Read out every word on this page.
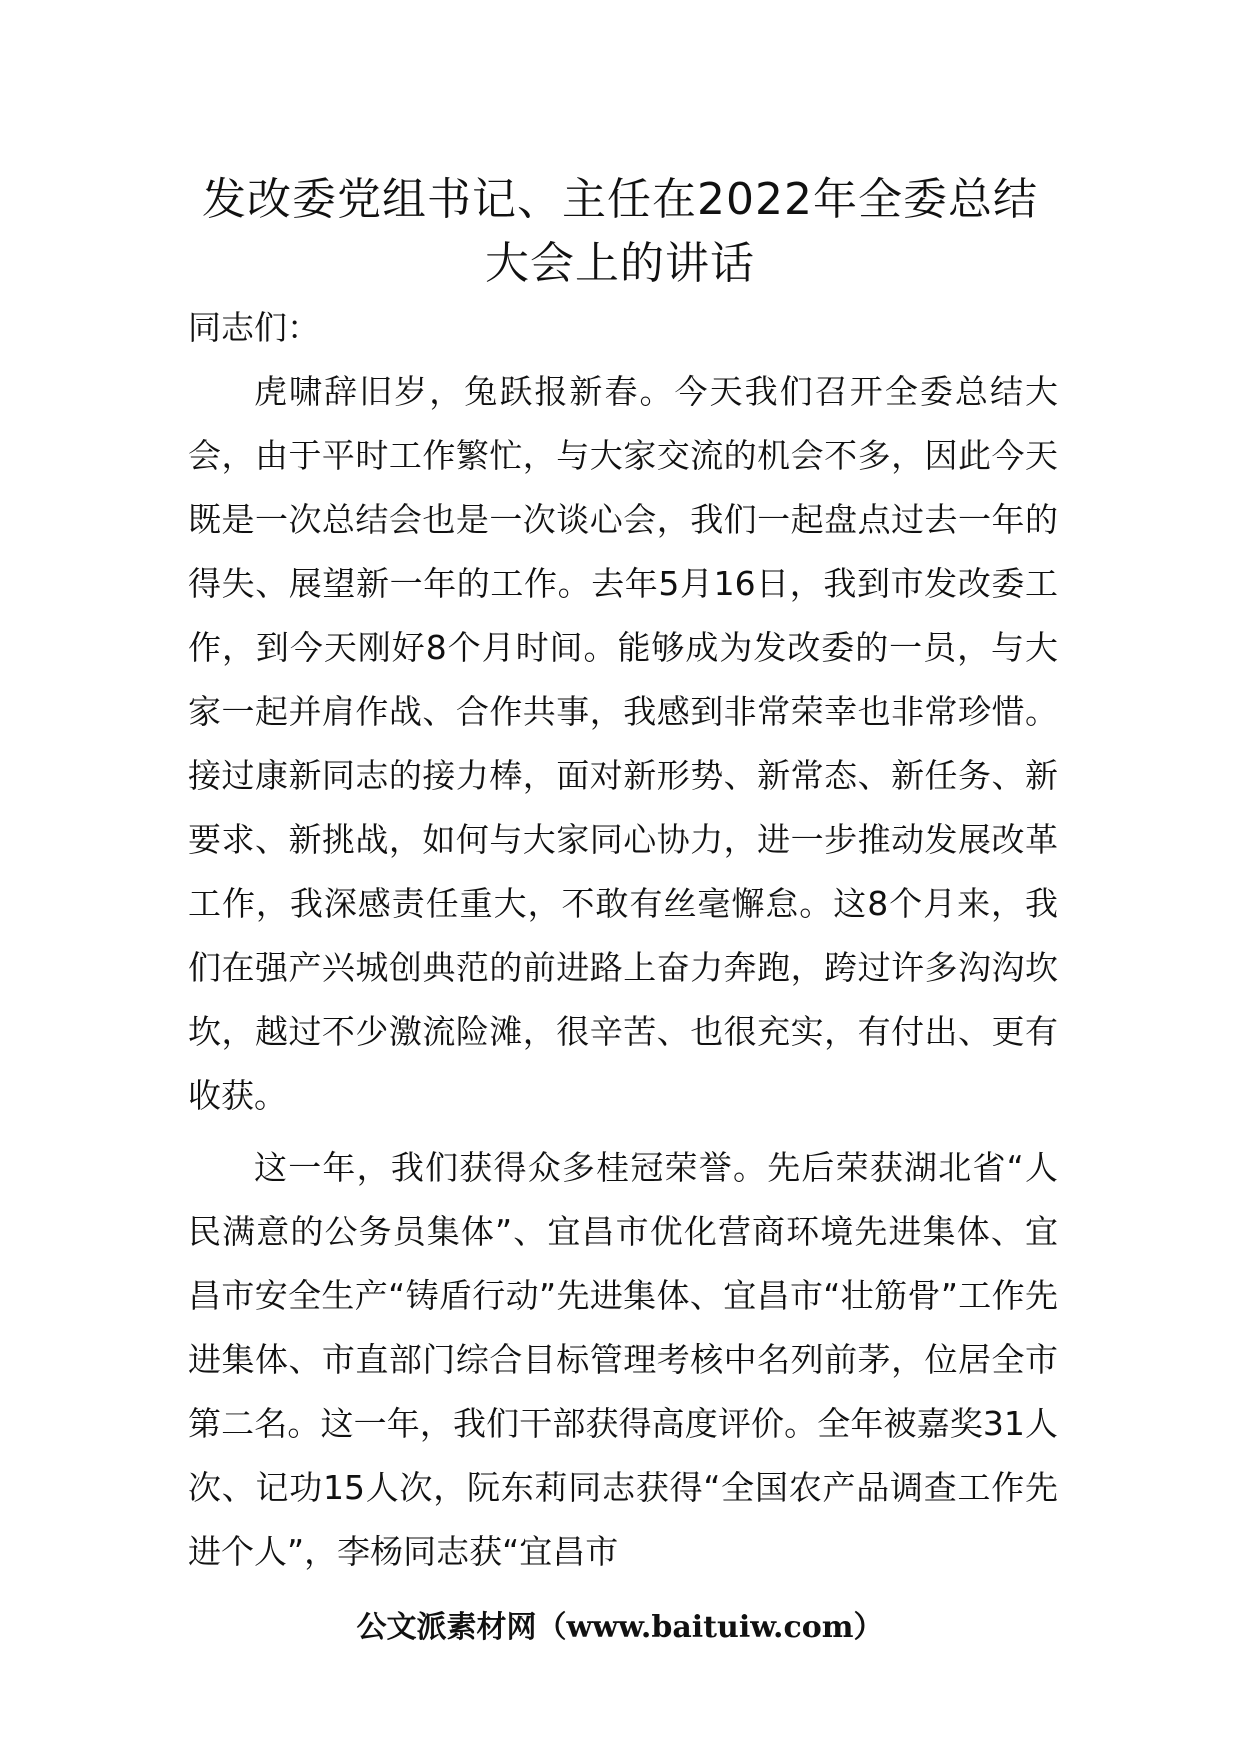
发改委党组书记、主任在2022年全委总结
大会上的讲话
同志们：

虎啸辞旧岁，兔跃报新春。今天我们召开全委总结大会，由于平时工作繁忙，与大家交流的机会不多，因此今天既是一次总结会也是一次谈心会，我们一起盘点过去一年的得失、展望新一年的工作。去年5月16日，我到市发改委工作，到今天刚好8个月时间。能够成为发改委的一员，与大家一起并肩作战、合作共事，我感到非常荣幸也非常珍惜。接过康新同志的接力棒，面对新形势、新常态、新任务、新要求、新挑战，如何与大家同心协力，进一步推动发展改革工作，我深感责任重大，不敢有丝毫懈怠。这8个月来，我们在强产兴城创典范的前进路上奋力奔跑，跨过许多沟沟坎坎，越过不少激流险滩，很辛苦、也很充实，有付出、更有收获。

这一年，我们获得众多桂冠荣誉。先后荣获湖北省“人民满意的公务员集体”、宜昌市优化营商环境先进集体、宜昌市安全生产“铸盾行动”先进集体、宜昌市“壮筋骨”工作先进集体、市直部门综合目标管理考核中名列前茅，位居全市第二名。这一年，我们干部获得高度评价。全年被嘉奖31人次、记功15人次，阮东莉同志获得“全国农产品调查工作先进个人”，李杨同志获“宜昌市

公文派素材网（www.baituiw.com）
